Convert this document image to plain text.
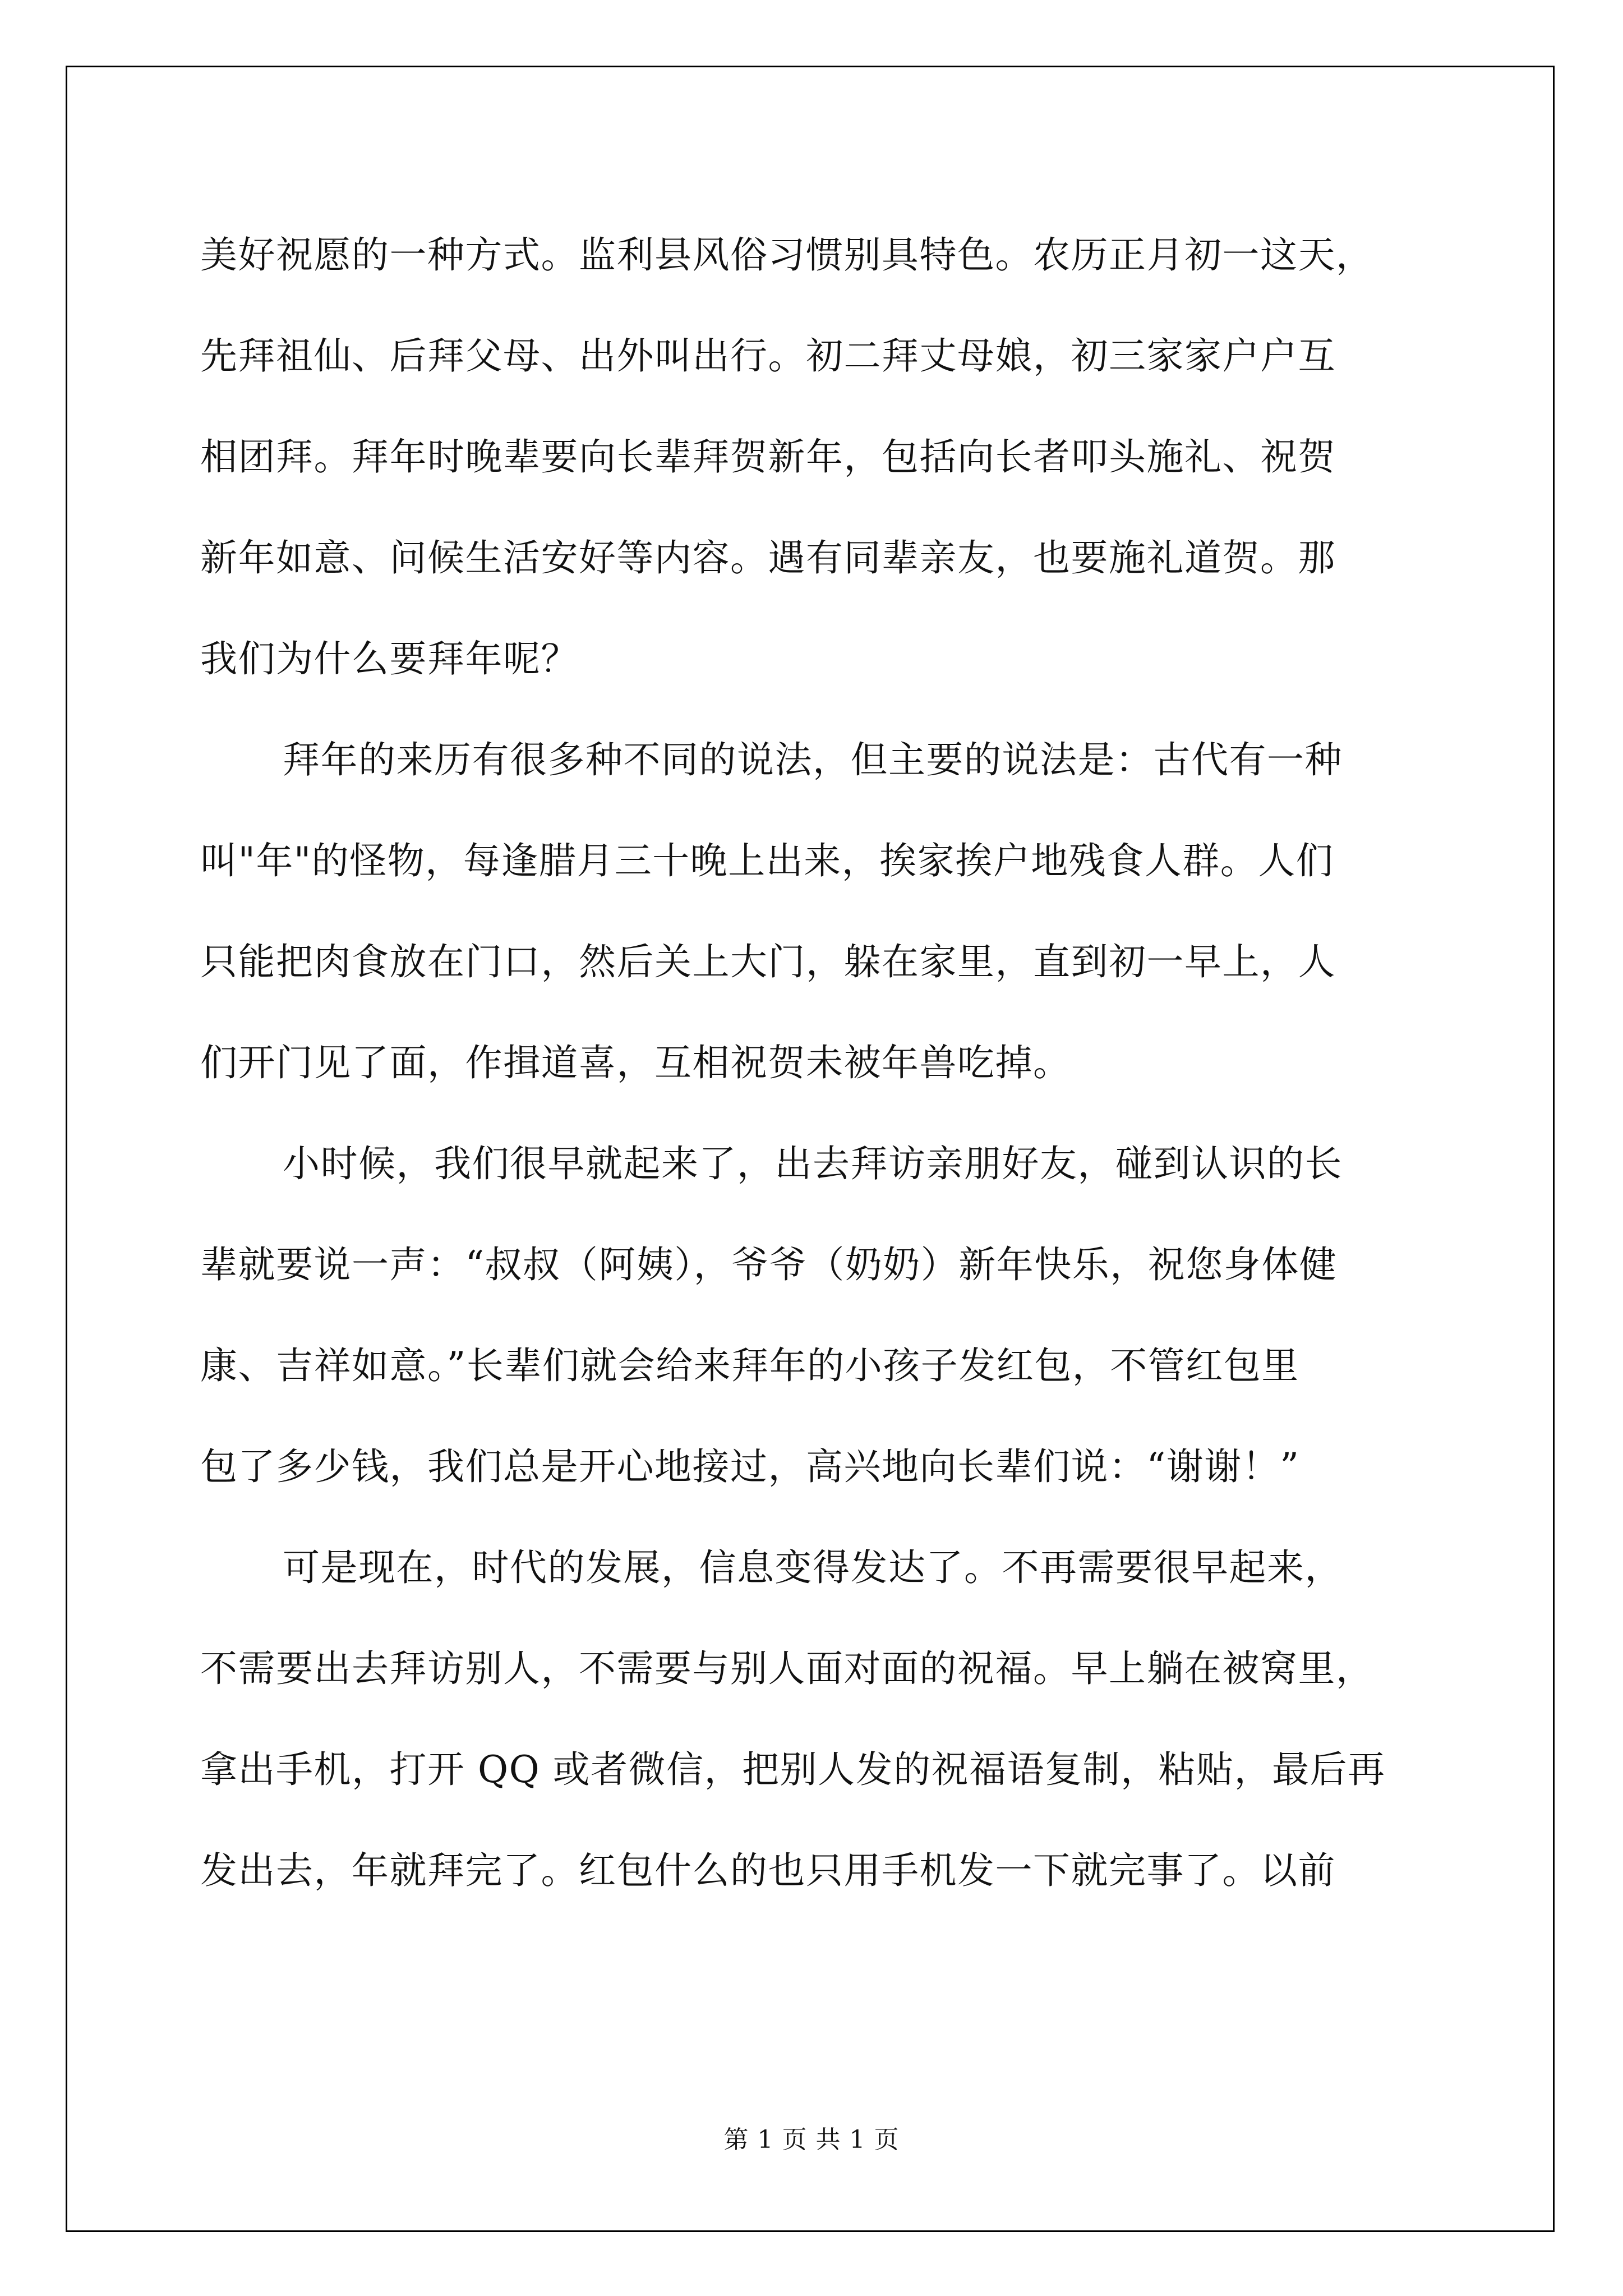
美好祝愿的一种方式。监利县风俗习惯别具特色。农历正月初一这天，
先拜祖仙、后拜父母、出外叫出行。初二拜丈母娘，初三家家户户互
相团拜。拜年时晚辈要向长辈拜贺新年，包括向长者叩头施礼、祝贺
新年如意、问候生活安好等内容。遇有同辈亲友，也要施礼道贺。那
我们为什么要拜年呢？

拜年的来历有很多种不同的说法，但主要的说法是：古代有一种
叫"年"的怪物，每逢腊月三十晚上出来，挨家挨户地残食人群。人们
只能把肉食放在门口，然后关上大门，躲在家里，直到初一早上，人
们开门见了面，作揖道喜，互相祝贺未被年兽吃掉。

小时候，我们很早就起来了，出去拜访亲朋好友，碰到认识的长
辈就要说一声：“叔叔（阿姨），爷爷（奶奶）新年快乐，祝您身体健
康、吉祥如意。”长辈们就会给来拜年的小孩子发红包，不管红包里
包了多少钱，我们总是开心地接过，高兴地向长辈们说：“谢谢！”

可是现在，时代的发展，信息变得发达了。不再需要很早起来，
不需要出去拜访别人，不需要与别人面对面的祝福。早上躺在被窝里，
拿出手机，打开 QQ 或者微信，把别人发的祝福语复制，粘贴，最后再
发出去，年就拜完了。红包什么的也只用手机发一下就完事了。以前

第 1 页 共 1 页
